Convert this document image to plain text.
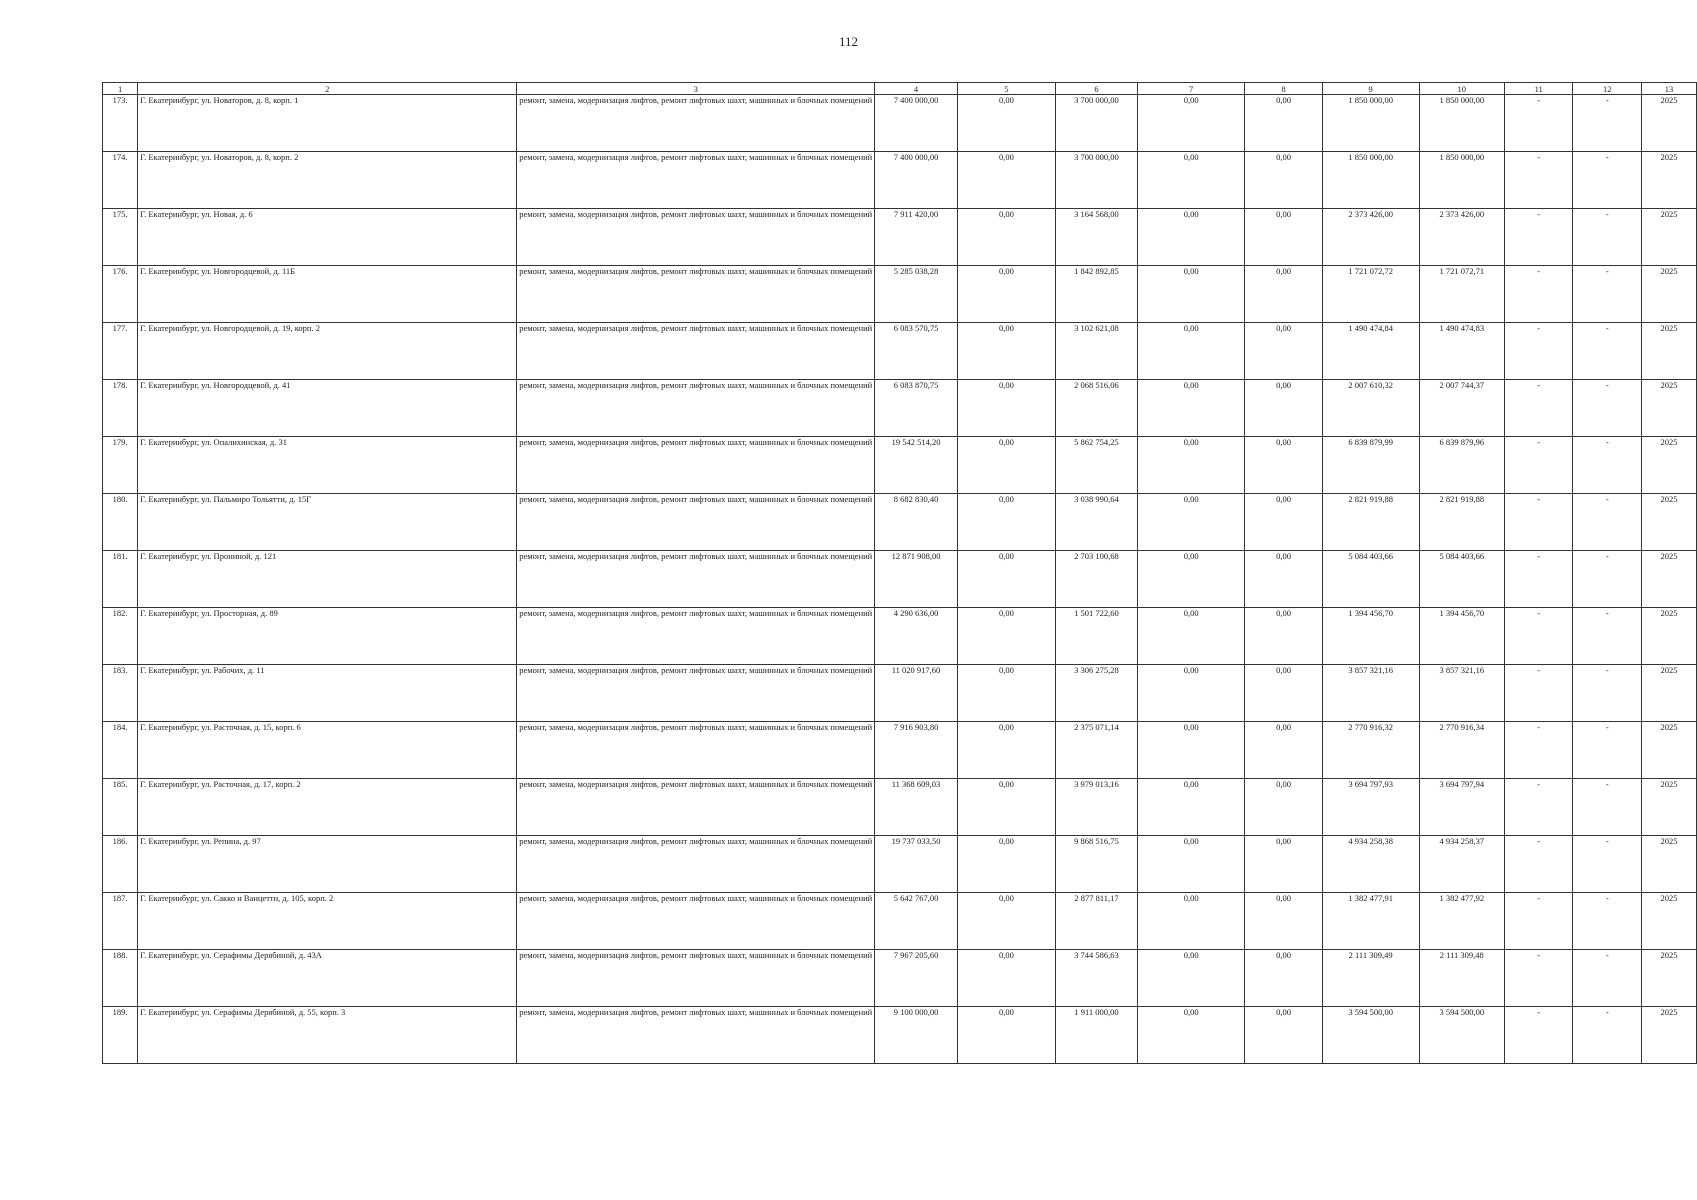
112
1	2	3	4	5	6	7	8	9	10	11	12	13
173.	Г. Екатеринбург, ул. Новаторов, д. 8, корп. 1	ремонт, замена, модернизация лифтов, ремонт лифтовых шахт, машинных и блочных помещений	7 400 000,00	0,00	3 700 000,00	0,00	0,00	1 850 000,00	1 850 000,00	-	-	2025
174.	Г. Екатеринбург, ул. Новаторов, д. 8, корп. 2	ремонт, замена, модернизация лифтов, ремонт лифтовых шахт, машинных и блочных помещений	7 400 000,00	0,00	3 700 000,00	0,00	0,00	1 850 000,00	1 850 000,00	-	-	2025
175.	Г. Екатеринбург, ул. Новая, д. 6	ремонт, замена, модернизация лифтов, ремонт лифтовых шахт, машинных и блочных помещений	7 911 420,00	0,00	3 164 568,00	0,00	0,00	2 373 426,00	2 373 426,00	-	-	2025
176.	Г. Екатеринбург, ул. Новгородцевой, д. 11Б	ремонт, замена, модернизация лифтов, ремонт лифтовых шахт, машинных и блочных помещений	5 285 038,28	0,00	1 842 892,85	0,00	0,00	1 721 072,72	1 721 072,71	-	-	2025
177.	Г. Екатеринбург, ул. Новгородцевой, д. 19, корп. 2	ремонт, замена, модернизация лифтов, ремонт лифтовых шахт, машинных и блочных помещений	6 083 570,75	0,00	3 102 621,08	0,00	0,00	1 490 474,84	1 490 474,83	-	-	2025
178.	Г. Екатеринбург, ул. Новгородцевой, д. 41	ремонт, замена, модернизация лифтов, ремонт лифтовых шахт, машинных и блочных помещений	6 083 870,75	0,00	2 068 516,06	0,00	0,00	2 007 610,32	2 007 744,37	-	-	2025
179.	Г. Екатеринбург, ул. Опалихинская, д. 31	ремонт, замена, модернизация лифтов, ремонт лифтовых шахт, машинных и блочных помещений	19 542 514,20	0,00	5 862 754,25	0,00	0,00	6 839 879,99	6 839 879,96	-	-	2025
180.	Г. Екатеринбург, ул. Пальмиро Тольятти, д. 15Г	ремонт, замена, модернизация лифтов, ремонт лифтовых шахт, машинных и блочных помещений	8 682 830,40	0,00	3 038 990,64	0,00	0,00	2 821 919,88	2 821 919,88	-	-	2025
181.	Г. Екатеринбург, ул. Прониной, д. 121	ремонт, замена, модернизация лифтов, ремонт лифтовых шахт, машинных и блочных помещений	12 871 908,00	0,00	2 703 100,68	0,00	0,00	5 084 403,66	5 084 403,66	-	-	2025
182.	Г. Екатеринбург, ул. Просторная, д. 89	ремонт, замена, модернизация лифтов, ремонт лифтовых шахт, машинных и блочных помещений	4 290 636,00	0,00	1 501 722,60	0,00	0,00	1 394 456,70	1 394 456,70	-	-	2025
183.	Г. Екатеринбург, ул. Рабочих, д. 11	ремонт, замена, модернизация лифтов, ремонт лифтовых шахт, машинных и блочных помещений	11 020 917,60	0,00	3 306 275,28	0,00	0,00	3 857 321,16	3 857 321,16	-	-	2025
184.	Г. Екатеринбург, ул. Расточная, д. 15, корп. 6	ремонт, замена, модернизация лифтов, ремонт лифтовых шахт, машинных и блочных помещений	7 916 903,80	0,00	2 375 071,14	0,00	0,00	2 770 916,32	2 770 916,34	-	-	2025
185.	Г. Екатеринбург, ул. Расточная, д. 17, корп. 2	ремонт, замена, модернизация лифтов, ремонт лифтовых шахт, машинных и блочных помещений	11 368 609,03	0,00	3 979 013,16	0,00	0,00	3 694 797,93	3 694 797,94	-	-	2025
186.	Г. Екатеринбург, ул. Репина, д. 97	ремонт, замена, модернизация лифтов, ремонт лифтовых шахт, машинных и блочных помещений	19 737 033,50	0,00	9 868 516,75	0,00	0,00	4 934 258,38	4 934 258,37	-	-	2025
187.	Г. Екатеринбург, ул. Сакко и Ванцетти, д. 105, корп. 2	ремонт, замена, модернизация лифтов, ремонт лифтовых шахт, машинных и блочных помещений	5 642 767,00	0,00	2 877 811,17	0,00	0,00	1 382 477,91	1 382 477,92	-	-	2025
188.	Г. Екатеринбург, ул. Серафимы Дерябиной, д. 43А	ремонт, замена, модернизация лифтов, ремонт лифтовых шахт, машинных и блочных помещений	7 967 205,60	0,00	3 744 586,63	0,00	0,00	2 111 309,49	2 111 309,48	-	-	2025
189.	Г. Екатеринбург, ул. Серафимы Дерябиной, д. 55, корп. 3	ремонт, замена, модернизация лифтов, ремонт лифтовых шахт, машинных и блочных помещений	9 100 000,00	0,00	1 911 000,00	0,00	0,00	3 594 500,00	3 594 500,00	-	-	2025
